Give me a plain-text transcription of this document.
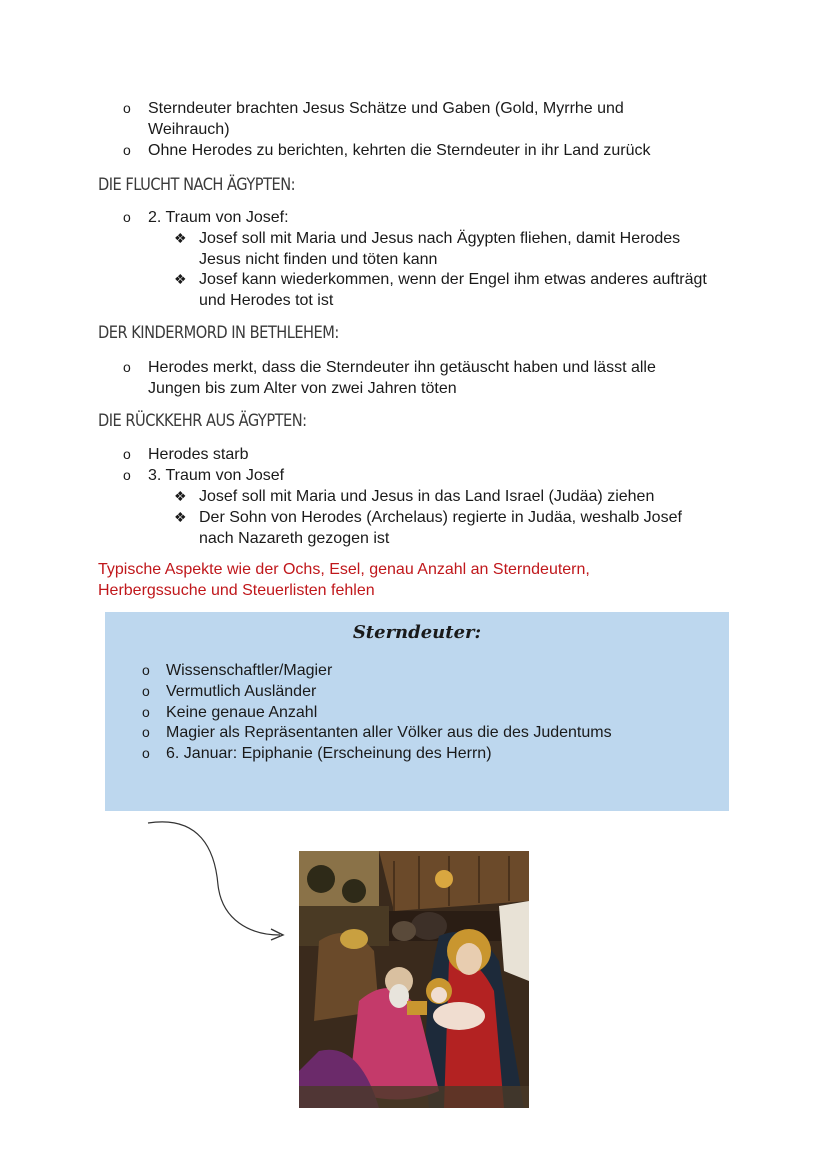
o Sterndeuter brachten Jesus Schätze und Gaben (Gold, Myrrhe und
Weihrauch)
o Ohne Herodes zu berichten, kehrten die Sterndeuter in ihr Land zurück
DIE FLUCHT NACH ÄGYPTEN:
o 2. Traum von Josef:
❖ Josef soll mit Maria und Jesus nach Ägypten fliehen, damit Herodes
Jesus nicht finden und töten kann
❖ Josef kann wiederkommen, wenn der Engel ihm etwas anderes aufträgt
und Herodes tot ist
DER KINDERMORD IN BETHLEHEM:
o Herodes merkt, dass die Sterndeuter ihn getäuscht haben und lässt alle
Jungen bis zum Alter von zwei Jahren töten
DIE RÜCKKEHR AUS ÄGYPTEN:
o Herodes starb
o 3. Traum von Josef
❖ Josef soll mit Maria und Jesus in das Land Israel (Judäa) ziehen
❖ Der Sohn von Herodes (Archelaus) regierte in Judäa, weshalb Josef
nach Nazareth gezogen ist
Typische Aspekte wie der Ochs, Esel, genau Anzahl an Sterndeutern,
Herbergssuche und Steuerlisten fehlen
Sterndeuter:
o Wissenschaftler/Magier
o Vermutlich Ausländer
o Keine genaue Anzahl
o Magier als Repräsentanten aller Völker aus die des Judentums
o 6. Januar: Epiphanie (Erscheinung des Herrn)
